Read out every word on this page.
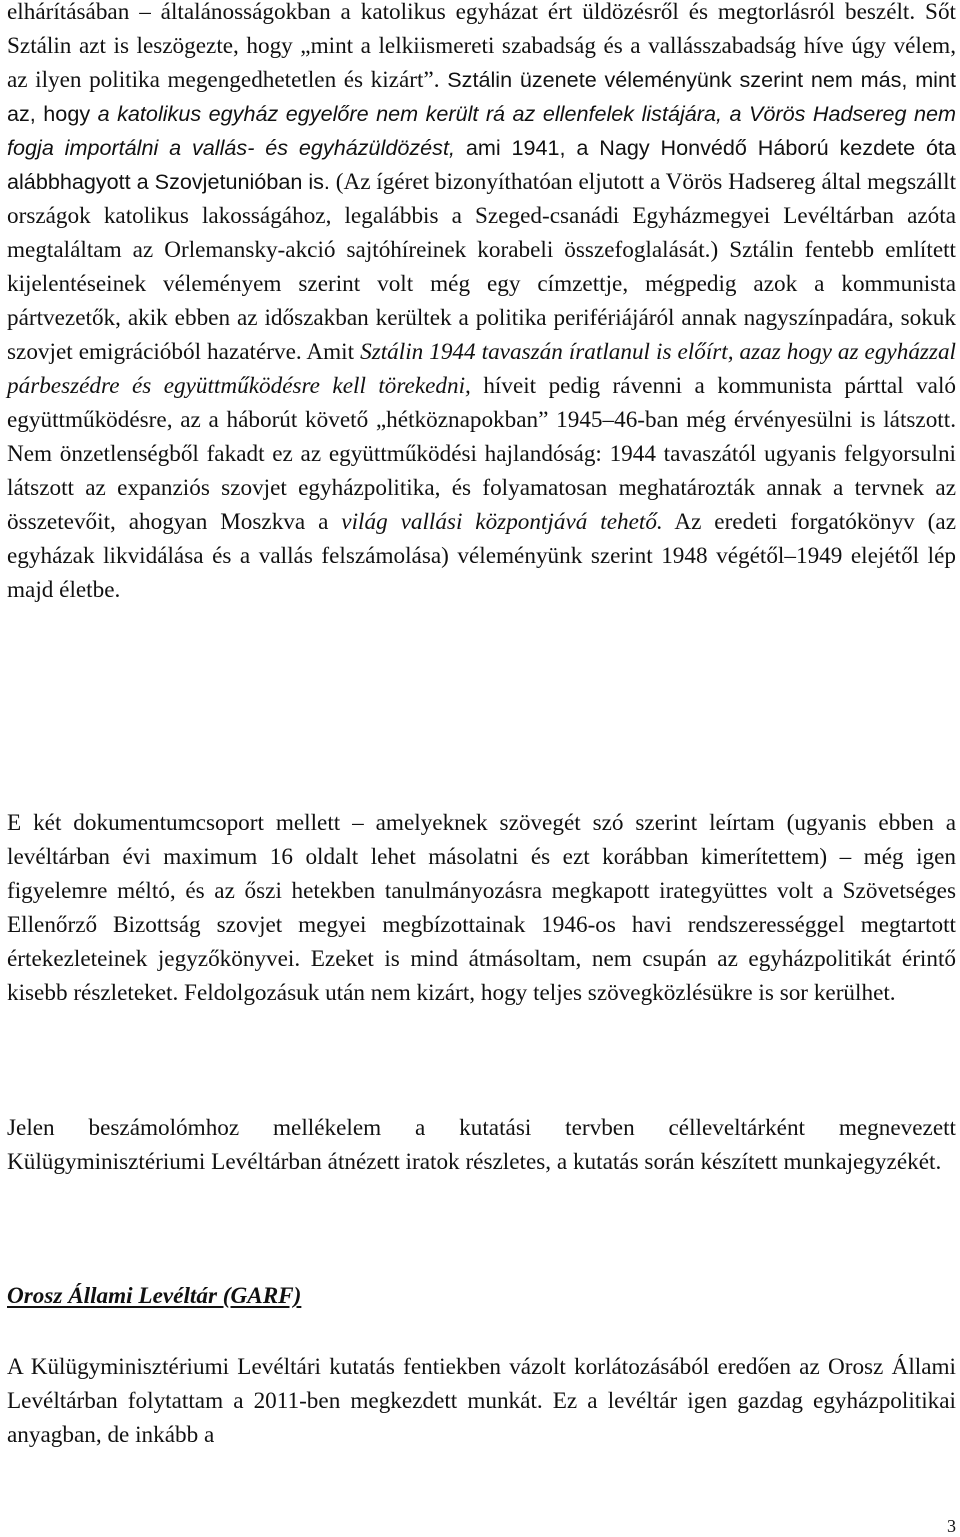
elhárításában – általánosságokban a katolikus egyházat ért üldözésről és megtorlásról beszélt. Sőt Sztálin azt is leszögezte, hogy „mint a lelkiismereti szabadság és a vallásszabadság híve úgy vélem, az ilyen politika megengedhetetlen és kizárt”. Sztálin üzenete véleményünk szerint nem más, mint az, hogy a katolikus egyház egyelőre nem került rá az ellenfelek listájára, a Vörös Hadsereg nem fogja importálni a vallás- és egyházüldözést, ami 1941, a Nagy Honvédő Háború kezdete óta alábbhagyott a Szovjetunióban is. (Az ígéret bizonyíthatóan eljutott a Vörös Hadsereg által megszállt országok katolikus lakosságához, legalábbis a Szeged-csanádi Egyházmegyei Levéltárban azóta megtaláltam az Orlemansky-akció sajtóhíreinek korabeli összefoglalását.) Sztálin fentebb említett kijelentéseinek véleményem szerint volt még egy címzettje, mégpedig azok a kommunista pártvezetők, akik ebben az időszakban kerültek a politika perifériájáról annak nagyszínpadára, sokuk szovjet emigrációból hazatérve. Amit Sztálin 1944 tavaszán íratlanul is előírt, azaz hogy az egyházzal párbeszédre és együttműködésre kell törekedni, híveit pedig rávenni a kommunista párttal való együttműködésre, az a háborút követő „hétköznapokban” 1945–46-ban még érvényesülni is látszott. Nem önzetlenségből fakadt ez az együttműködési hajlandóság: 1944 tavaszától ugyanis felgyorsulni látszott az expanziós szovjet egyházpolitika, és folyamatosan meghatározták annak a tervnek az összetevőit, ahogyan Moszkva a világ vallási központjává tehető. Az eredeti forgatókönyv (az egyházak likvidálása és a vallás felszámolása) véleményünk szerint 1948 végétől–1949 elejétől lép majd életbe.

E két dokumentumcsoport mellett – amelyeknek szövegét szó szerint leírtam (ugyanis ebben a levéltárban évi maximum 16 oldalt lehet másolatni és ezt korábban kimerítettem) – még igen figyelemre méltó, és az őszi hetekben tanulmányozásra megkapott irategyüttes volt a Szövetséges Ellenőrző Bizottság szovjet megyei megbízottainak 1946-os havi rendszerességgel megtartott értekezleteinek jegyzőkönyvei. Ezeket is mind átmásoltam, nem csupán az egyházpolitikát érintő kisebb részleteket. Feldolgozásuk után nem kizárt, hogy teljes szövegközlésükre is sor kerülhet.

Jelen beszámolómhoz mellékelem a kutatási tervben célleveltárként megnevezett Külügyminisztériumi Levéltárban átnézett iratok részletes, a kutatás során készített munkajegyzékét.

Orosz Állami Levéltár (GARF)

A Külügyminisztériumi Levéltári kutatás fentiekben vázolt korlátozásából eredően az Orosz Állami Levéltárban folytattam a 2011-ben megkezdett munkát. Ez a levéltár igen gazdag egyházpolitikai anyagban, de inkább a

3
